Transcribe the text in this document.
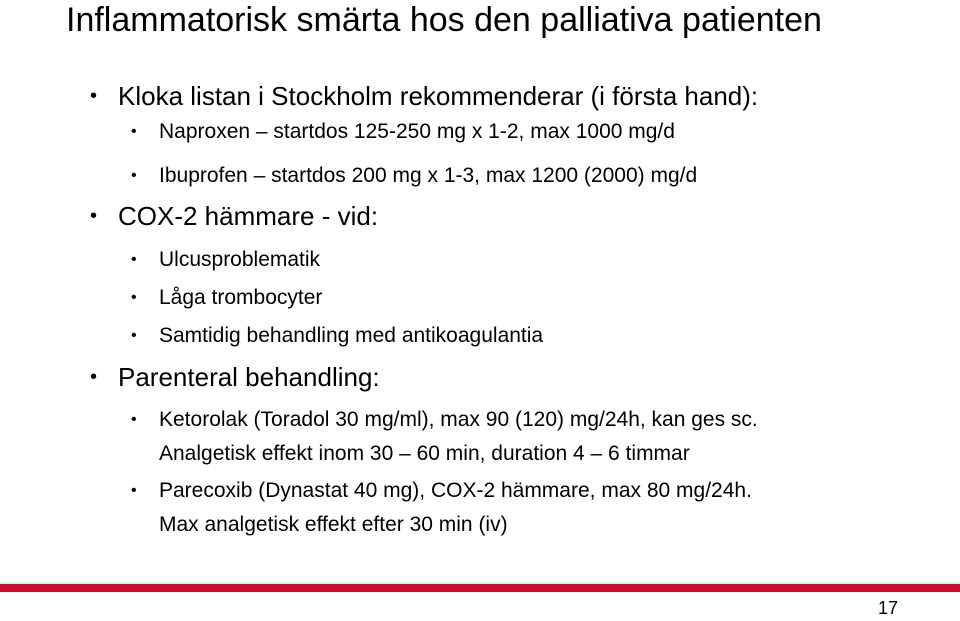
Inflammatorisk smärta hos den palliativa patienten
• Kloka listan i Stockholm rekommenderar (i första hand):
• Naproxen – startdos 125-250 mg x 1-2, max 1000 mg/d
• Ibuprofen – startdos 200 mg x 1-3, max 1200 (2000) mg/d
• COX-2 hämmare - vid:
• Ulcusproblematik
• Låga trombocyter
• Samtidig behandling med antikoagulantia
• Parenteral behandling:
• Ketorolak (Toradol 30 mg/ml), max 90 (120) mg/24h, kan ges sc.
Analgetisk effekt inom 30 – 60 min, duration 4 – 6 timmar
• Parecoxib (Dynastat 40 mg), COX-2 hämmare, max 80 mg/24h.
Max analgetisk effekt efter 30 min (iv)
17
